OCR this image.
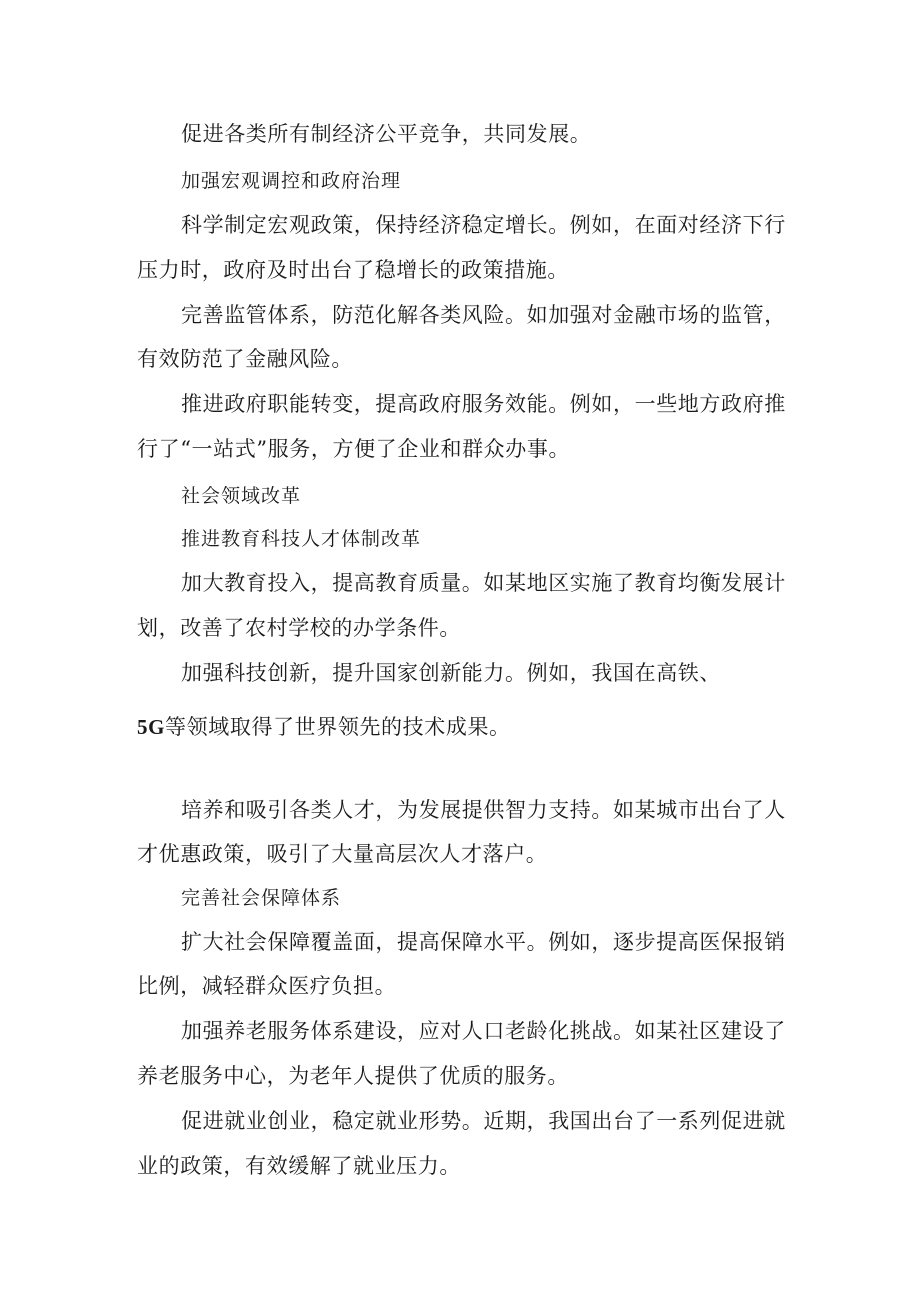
促进各类所有制经济公平竞争，共同发展。

加强宏观调控和政府治理

科学制定宏观政策，保持经济稳定增长。例如，在面对经济下行

压力时，政府及时出台了稳增长的政策措施。

完善监管体系，防范化解各类风险。如加强对金融市场的监管，

有效防范了金融风险。

推进政府职能转变，提高政府服务效能。例如，一些地方政府推

行了“一站式”服务，方便了企业和群众办事。

社会领域改革

推进教育科技人才体制改革

加大教育投入，提高教育质量。如某地区实施了教育均衡发展计

划，改善了农村学校的办学条件。

加强科技创新，提升国家创新能力。例如，我国在高铁、

5G等领域取得了世界领先的技术成果。

培养和吸引各类人才，为发展提供智力支持。如某城市出台了人

才优惠政策，吸引了大量高层次人才落户。

完善社会保障体系

扩大社会保障覆盖面，提高保障水平。例如，逐步提高医保报销

比例，减轻群众医疗负担。

加强养老服务体系建设，应对人口老龄化挑战。如某社区建设了

养老服务中心，为老年人提供了优质的服务。

促进就业创业，稳定就业形势。近期，我国出台了一系列促进就

业的政策，有效缓解了就业压力。
